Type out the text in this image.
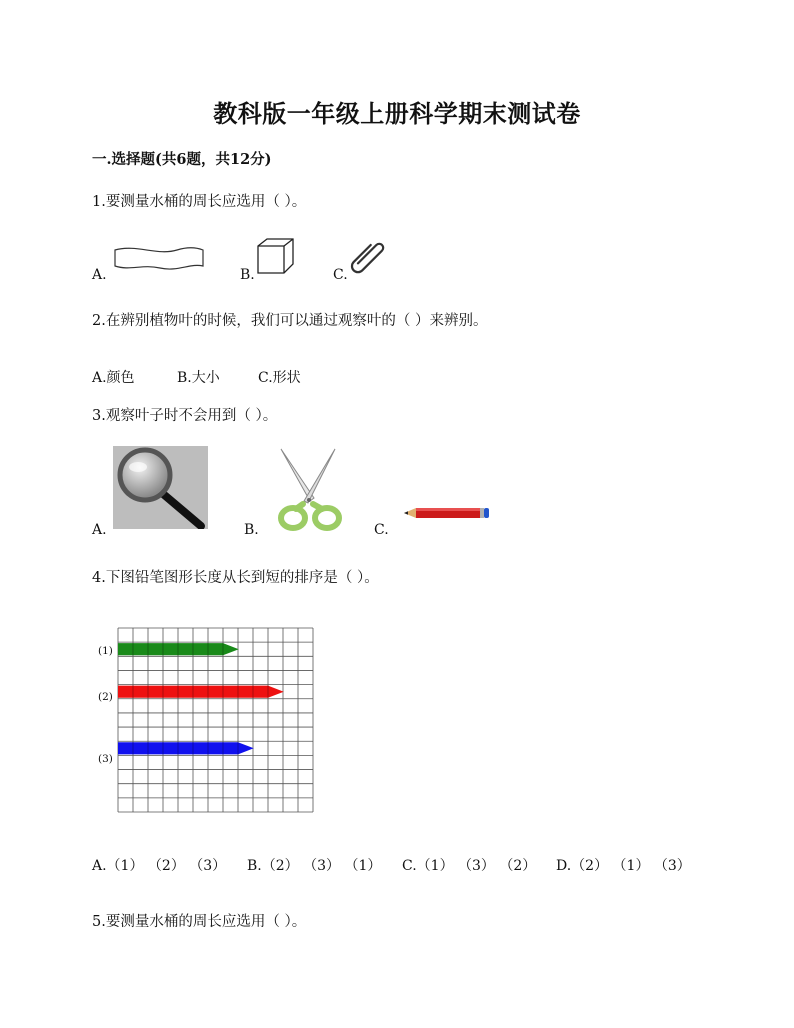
教科版一年级上册科学期末测试卷
一.选择题(共6题，共12分)
1.要测量水桶的周长应选用（ ）。
A.	B.	C.
2.在辨别植物叶的时候，我们可以通过观察叶的（ ）来辨别。
A.颜色	B.大小	C.形状
3.观察叶子时不会用到（ ）。
A.	B.	C.
4.下图铅笔图形长度从长到短的排序是（ ）。
(1)
(2)
(3)
A.（1） （2） （3） B.（2） （3） （1） C.（1） （3） （2） D.（2） （1） （3）
5.要测量水桶的周长应选用（ ）。
